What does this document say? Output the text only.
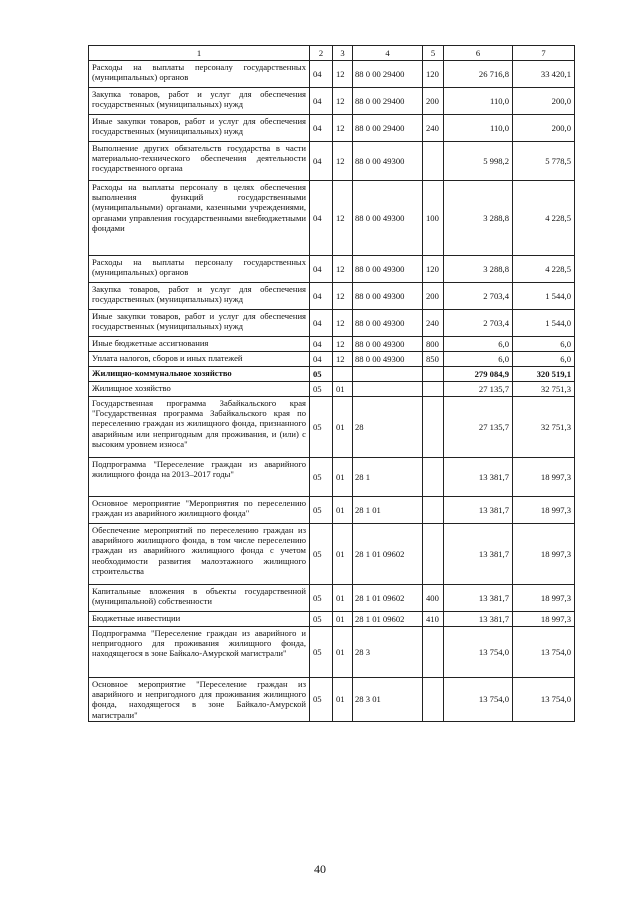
1	2	3	4	5	6	7
Расходы на выплаты персоналу государственных (муниципальных) органов	04	12	88 0 00 29400	120	26 716,8	33 420,1
Закупка товаров, работ и услуг для обеспечения государственных (муниципальных) нужд	04	12	88 0 00 29400	200	110,0	200,0
Иные закупки товаров, работ и услуг для обеспечения государственных (муниципальных) нужд	04	12	88 0 00 29400	240	110,0	200,0
Выполнение других обязательств государства в части материально-технического обеспечения деятельности государственного органа	04	12	88 0 00 49300		5 998,2	5 778,5
Расходы на выплаты персоналу в целях обеспечения выполнения функций государственными (муниципальными) органами, казенными учреждениями, органами управления государственными внебюджетными фондами	04	12	88 0 00 49300	100	3 288,8	4 228,5
Расходы на выплаты персоналу государственных (муниципальных) органов	04	12	88 0 00 49300	120	3 288,8	4 228,5
Закупка товаров, работ и услуг для обеспечения государственных (муниципальных) нужд	04	12	88 0 00 49300	200	2 703,4	1 544,0
Иные закупки товаров, работ и услуг для обеспечения государственных (муниципальных) нужд	04	12	88 0 00 49300	240	2 703,4	1 544,0
Иные бюджетные ассигнования	04	12	88 0 00 49300	800	6,0	6,0
Уплата налогов, сборов и иных платежей	04	12	88 0 00 49300	850	6,0	6,0
Жилищно-коммунальное хозяйство	05				279 084,9	320 519,1
Жилищное хозяйство	05	01			27 135,7	32 751,3
Государственная программа Забайкальского края "Государственная программа Забайкальского края по переселению граждан из жилищного фонда, признанного аварийным или непригодным для проживания, и (или) с высоким уровнем износа"	05	01	28		27 135,7	32 751,3
Подпрограмма "Переселение граждан из аварийного жилищного фонда на 2013–2017 годы"	05	01	28 1		13 381,7	18 997,3
Основное мероприятие "Мероприятия по переселению граждан из аварийного жилищного фонда"	05	01	28 1 01		13 381,7	18 997,3
Обеспечение мероприятий по переселению граждан из аварийного жилищного фонда, в том числе переселению граждан из аварийного жилищного фонда с учетом необходимости развития малоэтажного жилищного строительства	05	01	28 1 01 09602		13 381,7	18 997,3
Капитальные вложения в объекты государственной (муниципальной) собственности	05	01	28 1 01 09602	400	13 381,7	18 997,3
Бюджетные инвестиции	05	01	28 1 01 09602	410	13 381,7	18 997,3
Подпрограмма "Переселение граждан из аварийного и непригодного для проживания жилищного фонда, находящегося в зоне Байкало-Амурской магистрали"	05	01	28 3		13 754,0	13 754,0
Основное мероприятие "Переселение граждан из аварийного и непригодного для проживания жилищного фонда, находящегося в зоне Байкало-Амурской магистрали"	05	01	28 3 01		13 754,0	13 754,0
40
